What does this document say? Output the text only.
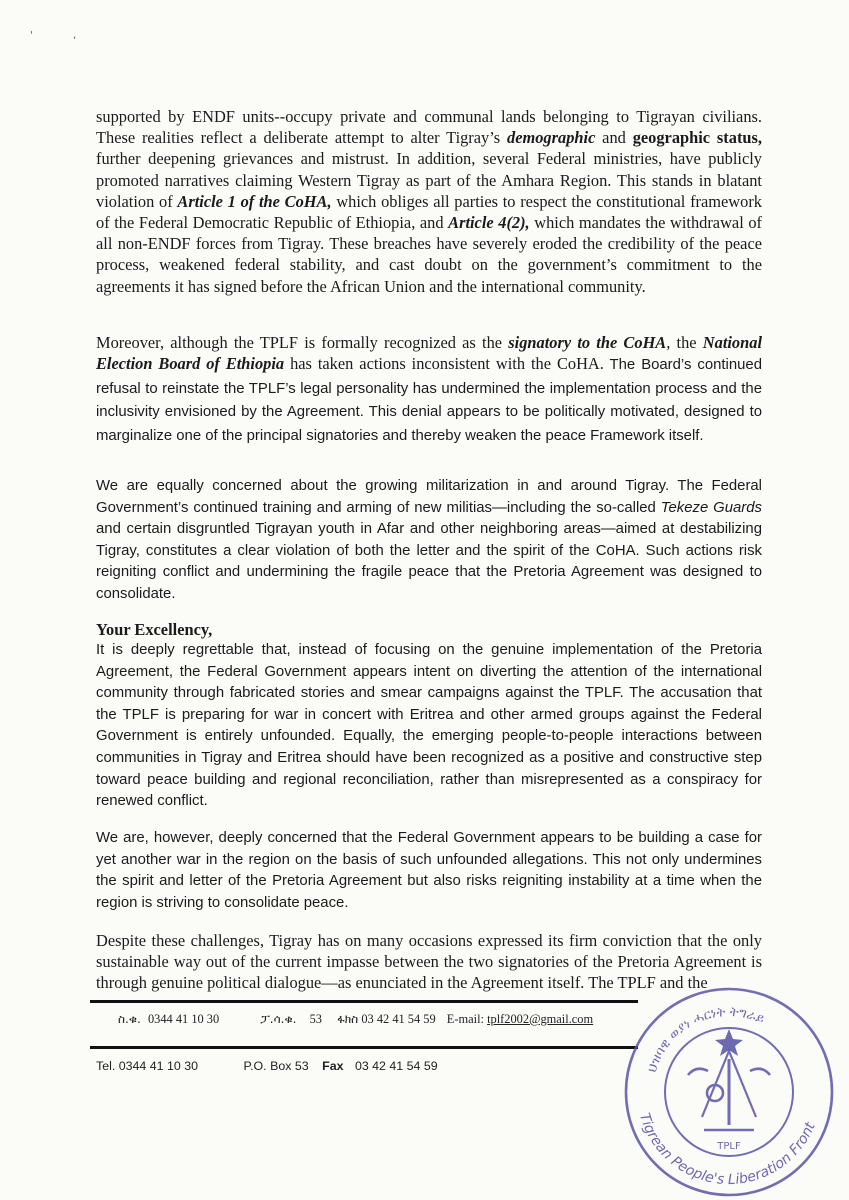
'	,

supported by ENDF units--occupy private and communal lands belonging to Tigrayan civilians. These realities reflect a deliberate attempt to alter Tigray’s demographic and geographic status, further deepening grievances and mistrust. In addition, several Federal ministries, have publicly promoted narratives claiming Western Tigray as part of the Amhara Region. This stands in blatant violation of Article 1 of the CoHA, which obliges all parties to respect the constitutional framework of the Federal Democratic Republic of Ethiopia, and Article 4(2), which mandates the withdrawal of all non-ENDF forces from Tigray. These breaches have severely eroded the credibility of the peace process, weakened federal stability, and cast doubt on the government’s commitment to the agreements it has signed before the African Union and the international community.

Moreover, although the TPLF is formally recognized as the signatory to the CoHA, the National Election Board of Ethiopia has taken actions inconsistent with the CoHA. The Board’s continued refusal to reinstate the TPLF’s legal personality has undermined the implementation process and the inclusivity envisioned by the Agreement. This denial appears to be politically motivated, designed to marginalize one of the principal signatories and thereby weaken the peace Framework itself.

We are equally concerned about the growing militarization in and around Tigray. The Federal Government’s continued training and arming of new militias—including the so-called Tekeze Guards and certain disgruntled Tigrayan youth in Afar and other neighboring areas—aimed at destabilizing Tigray, constitutes a clear violation of both the letter and the spirit of the CoHA. Such actions risk reigniting conflict and undermining the fragile peace that the Pretoria Agreement was designed to consolidate.

Your Excellency,

It is deeply regrettable that, instead of focusing on the genuine implementation of the Pretoria Agreement, the Federal Government appears intent on diverting the attention of the international community through fabricated stories and smear campaigns against the TPLF. The accusation that the TPLF is preparing for war in concert with Eritrea and other armed groups against the Federal Government is entirely unfounded. Equally, the emerging people-to-people interactions between communities in Tigray and Eritrea should have been recognized as a positive and constructive step toward peace building and regional reconciliation, rather than misrepresented as a conspiracy for renewed conflict.

We are, however, deeply concerned that the Federal Government appears to be building a case for yet another war in the region on the basis of such unfounded allegations. This not only undermines the spirit and letter of the Pretoria Agreement but also risks reigniting instability at a time when the region is striving to consolidate peace.

Despite these challenges, Tigray has on many occasions expressed its firm conviction that the only sustainable way out of the current impasse between the two signatories of the Pretoria Agreement is through genuine political dialogue—as enunciated in the Agreement itself. The TPLF and the

ስ.ቁ. 0344 41 10 30	ፓ.ሳ.ቁ. 53 ፋክስ 03 42 41 54 59 E-mail: tplf2002@gmail.com
Tel. 0344 41 10 30	P.O. Box 53 Fax 03 42 41 54 59
Tigrean People's Liberation Front
ህዝባዊ ወያነ ሓርነት ትግራይ
TPLF
